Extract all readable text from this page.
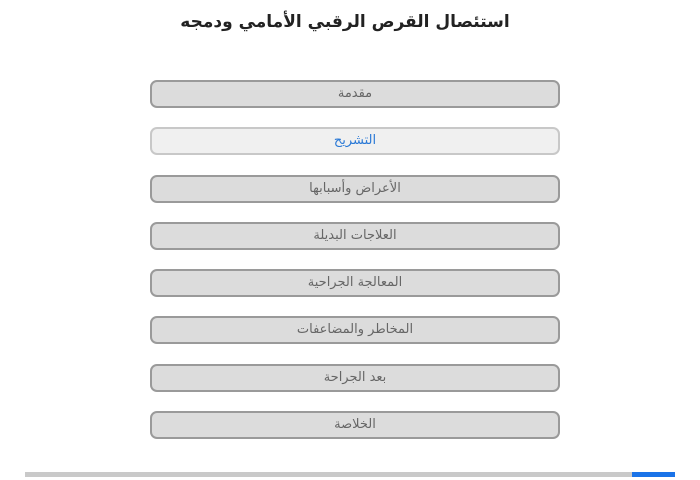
استئصال القرص الرقبي الأمامي ودمجه
مقدمة
التشريح
الأعراض وأسبابها
العلاجات البديلة
المعالجة الجراحية
المخاطر والمضاعفات
بعد الجراحة
الخلاصة
